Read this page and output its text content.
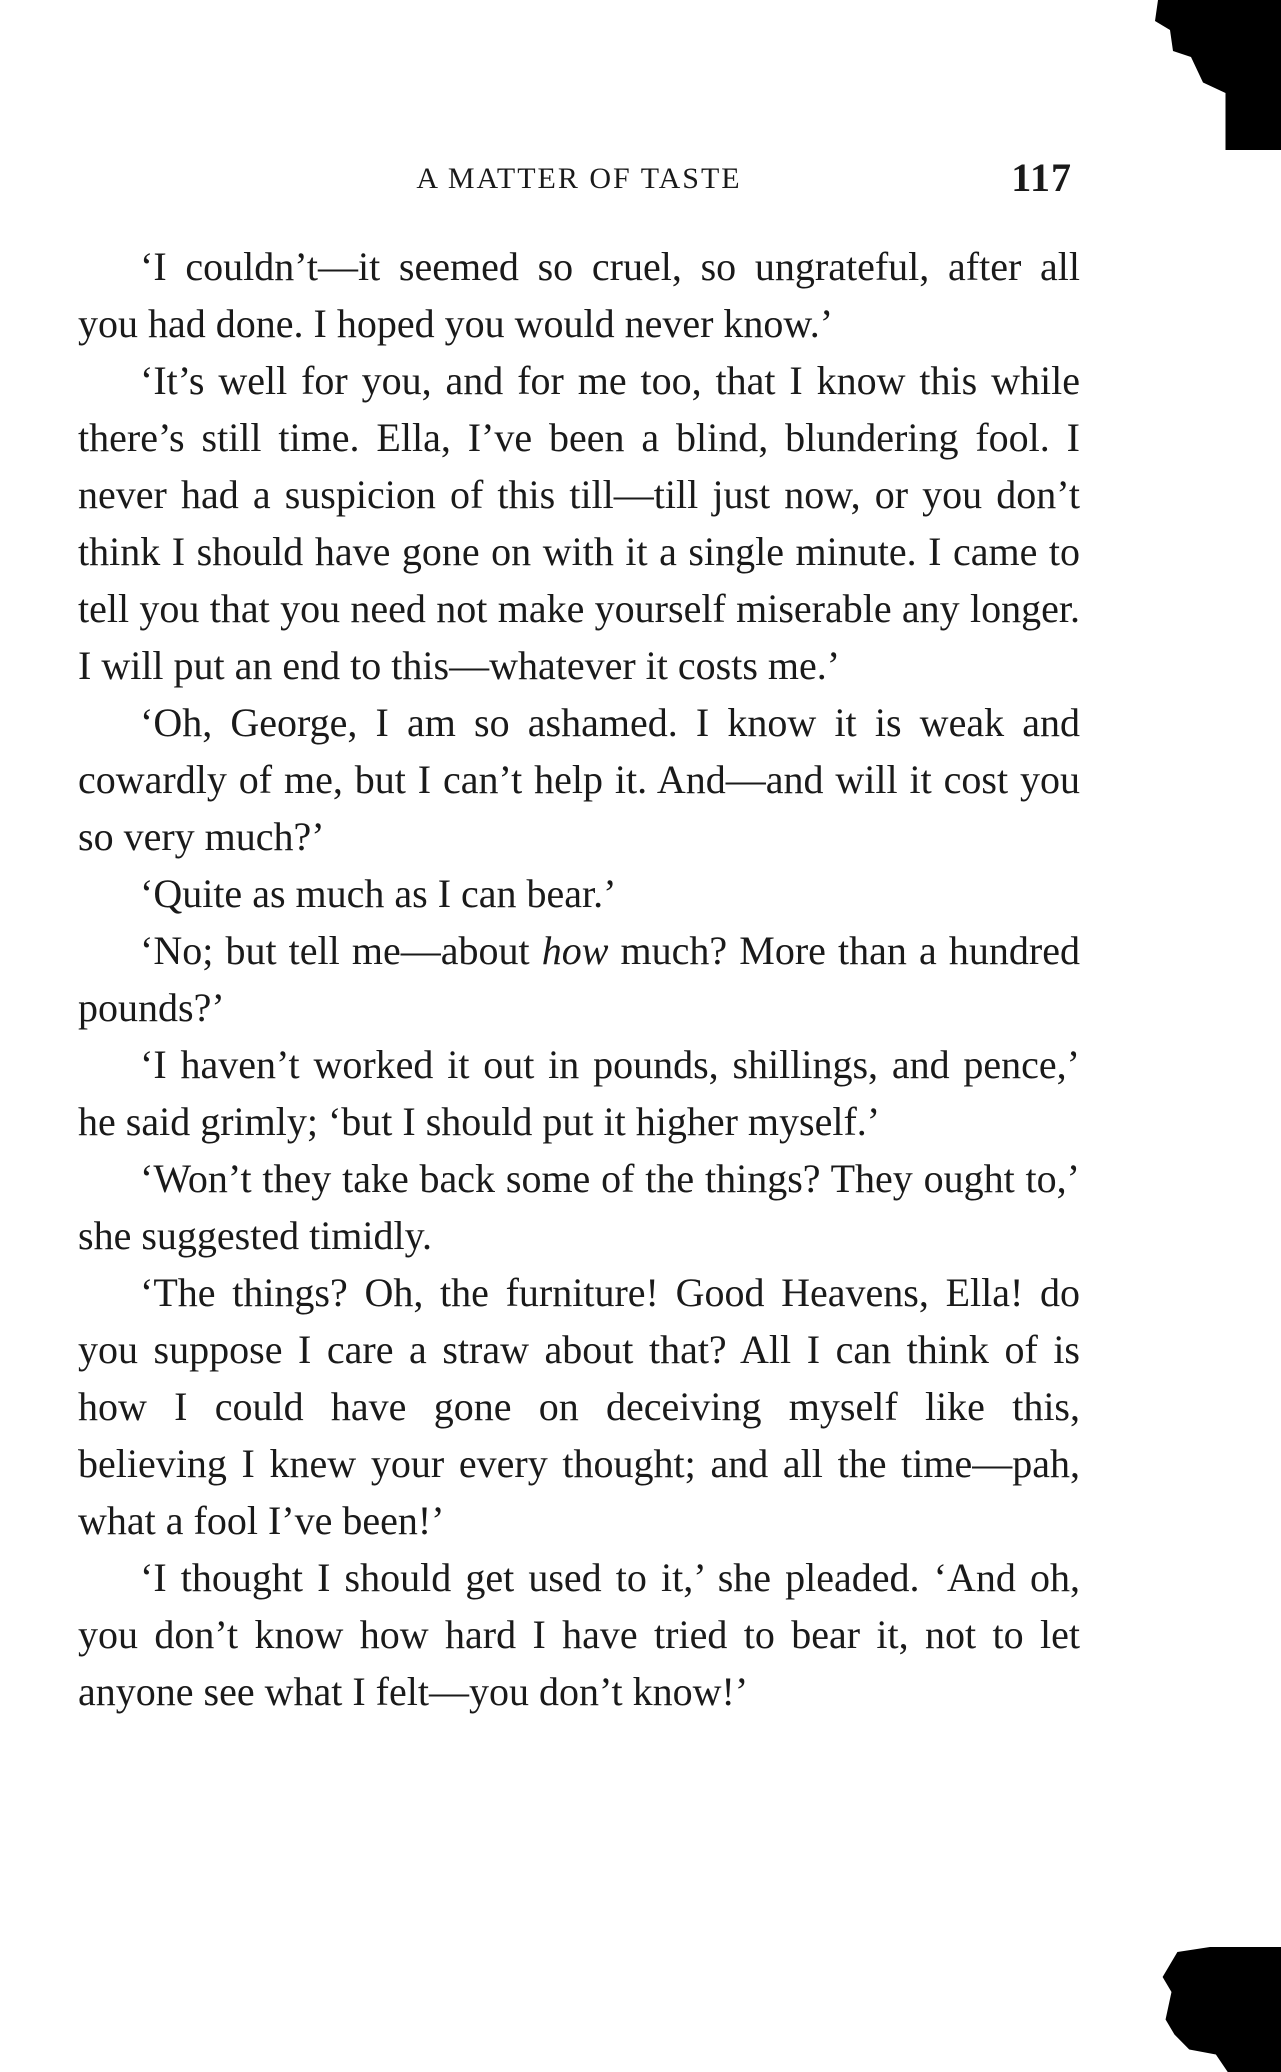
A MATTER OF TASTE	117

‘I couldn’t—it seemed so cruel, so ungrateful, after all you had done. I hoped you would never know.’

‘It’s well for you, and for me too, that I know this while there’s still time. Ella, I’ve been a blind, blundering fool. I never had a suspicion of this till—till just now, or you don’t think I should have gone on with it a single minute. I came to tell you that you need not make yourself miserable any longer. I will put an end to this—whatever it costs me.’

‘Oh, George, I am so ashamed. I know it is weak and cowardly of me, but I can’t help it. And—and will it cost you so very much?’

‘Quite as much as I can bear.’

‘No; but tell me—about how much? More than a hundred pounds?’

‘I haven’t worked it out in pounds, shillings, and pence,’ he said grimly; ‘but I should put it higher myself.’

‘Won’t they take back some of the things? They ought to,’ she suggested timidly.

‘The things? Oh, the furniture! Good Heavens, Ella! do you suppose I care a straw about that? All I can think of is how I could have gone on deceiving myself like this, believing I knew your every thought; and all the time—pah, what a fool I’ve been!’

‘I thought I should get used to it,’ she pleaded. ‘And oh, you don’t know how hard I have tried to bear it, not to let anyone see what I felt—you don’t know!’
